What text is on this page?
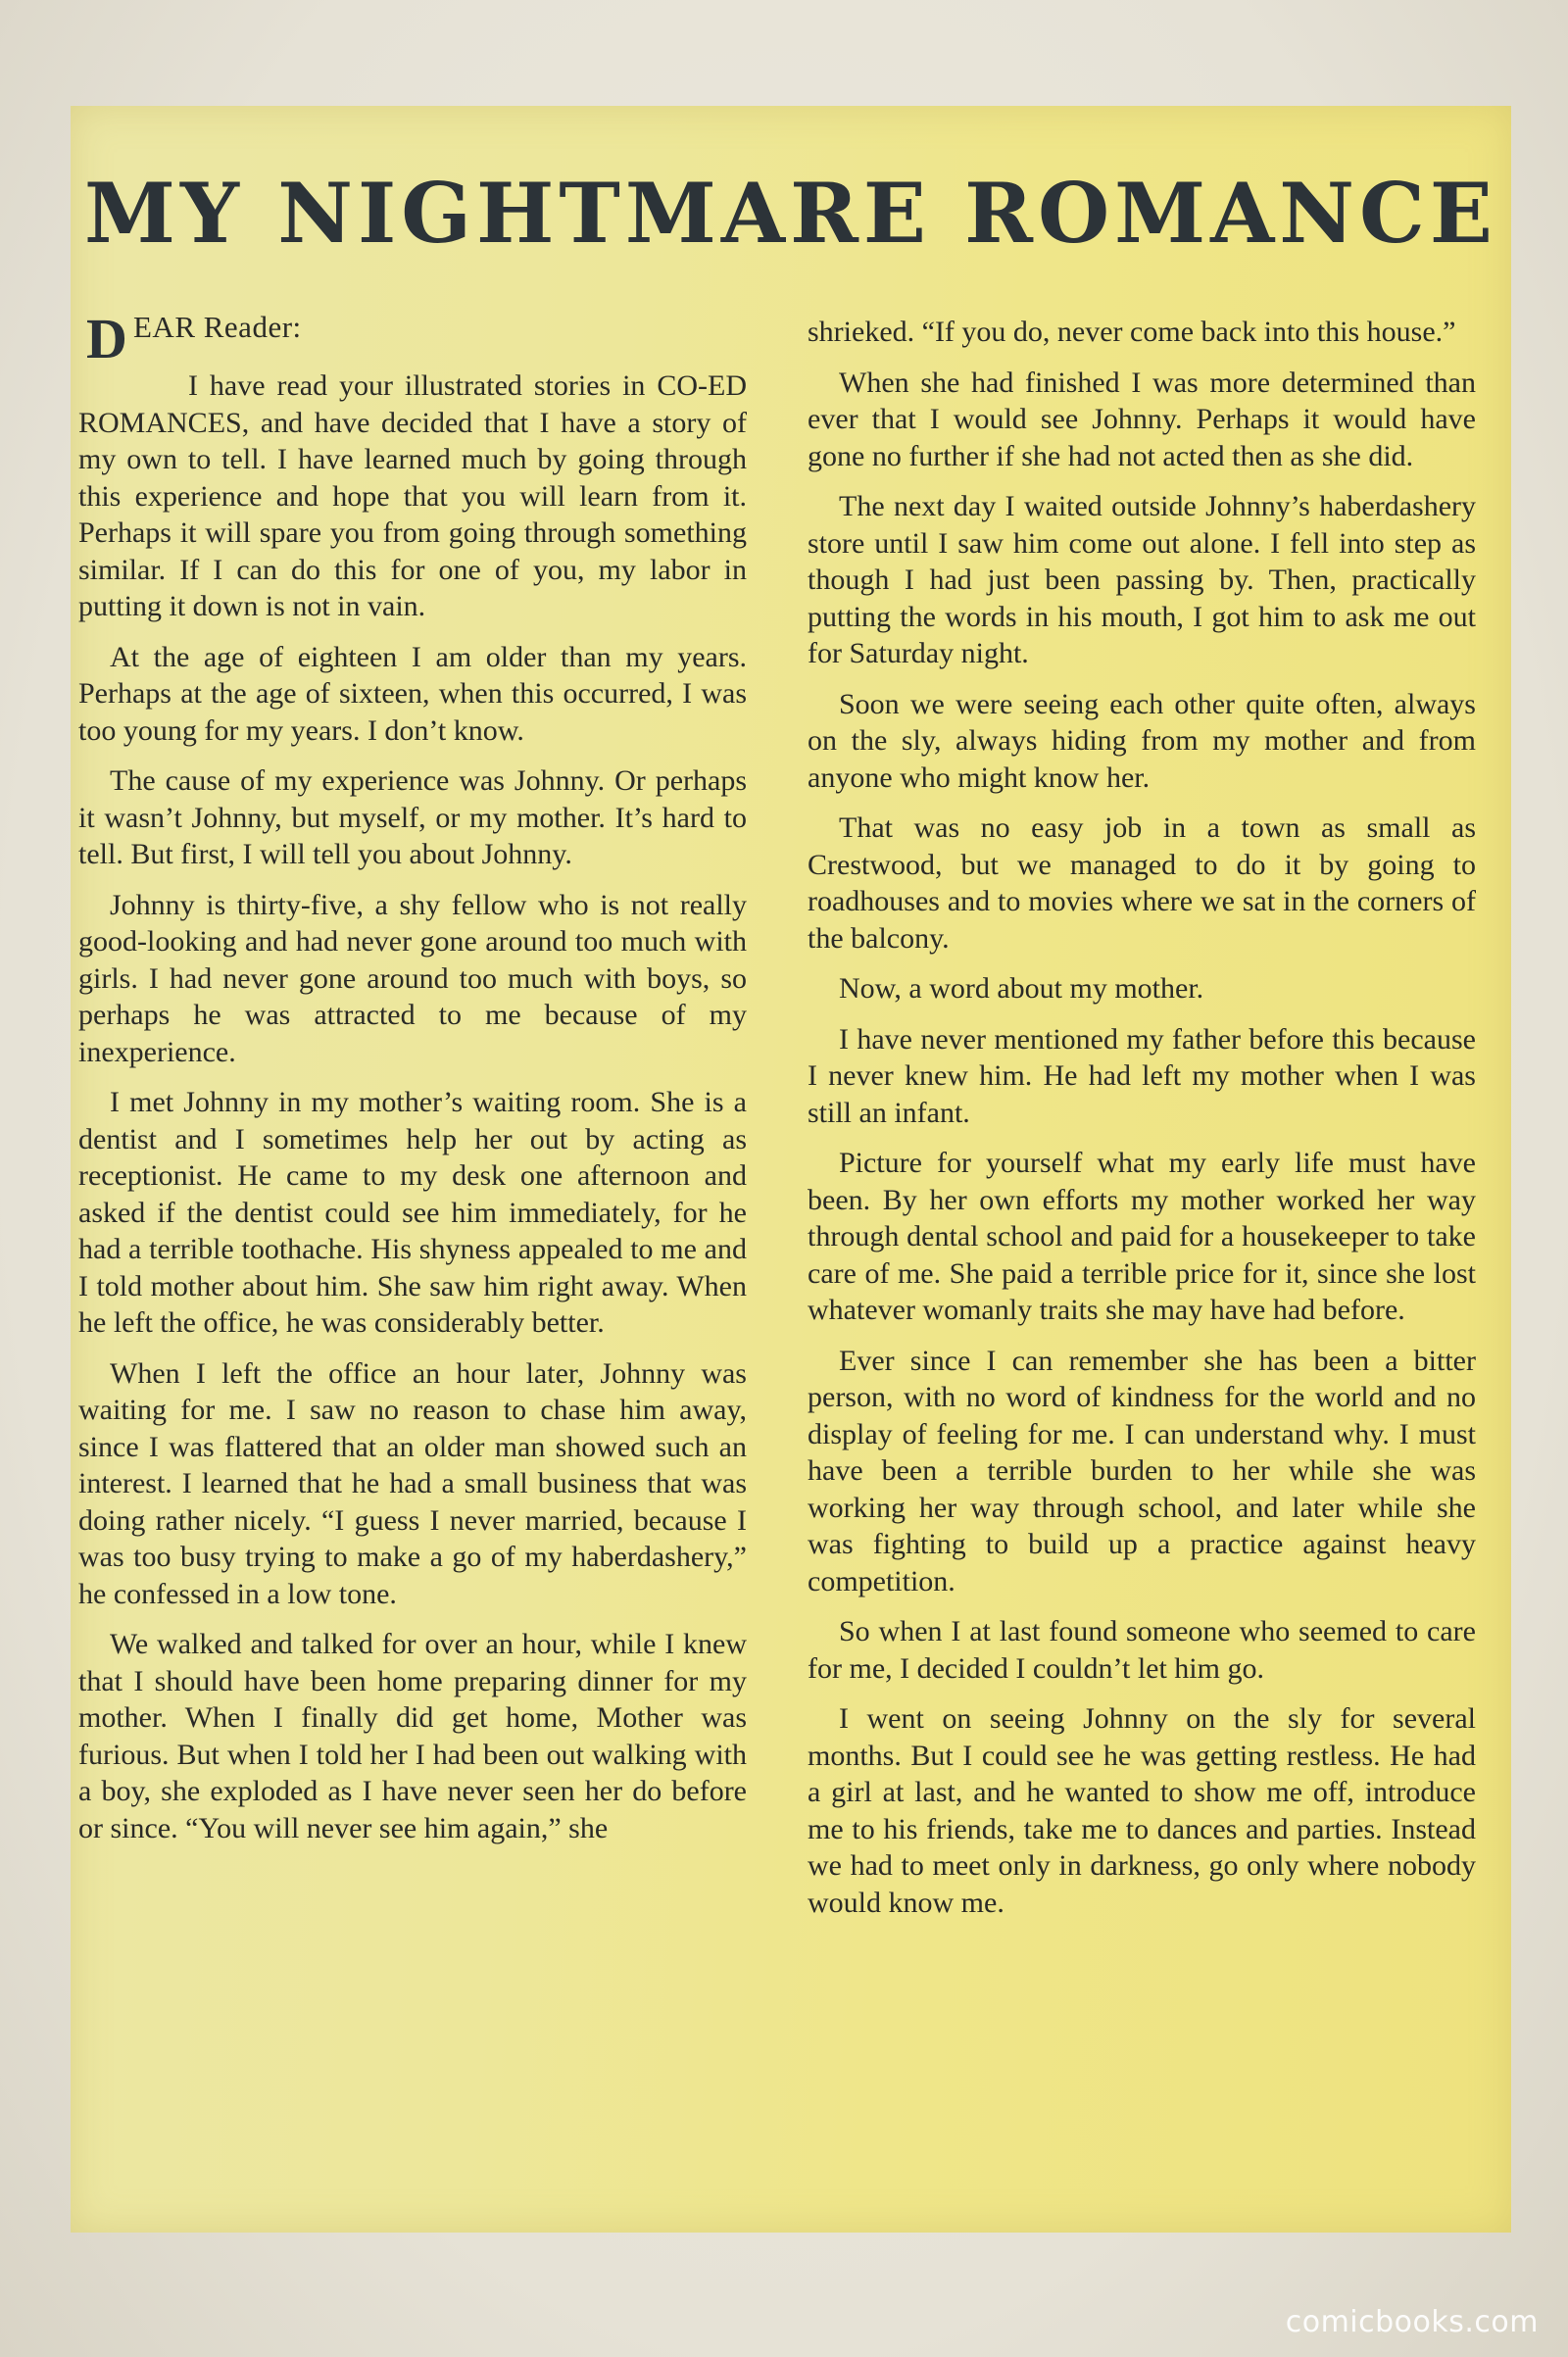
MY NIGHTMARE ROMANCE
D EAR Reader:

I have read your illustrated stories in CO-ED ROMANCES, and have decided that I have a story of my own to tell. I have learned much by going through this experience and hope that you will learn from it. Perhaps it will spare you from going through something similar. If I can do this for one of you, my labor in putting it down is not in vain.

At the age of eighteen I am older than my years. Perhaps at the age of sixteen, when this occurred, I was too young for my years. I don’t know.

The cause of my experience was Johnny. Or perhaps it wasn’t Johnny, but myself, or my mother. It’s hard to tell. But first, I will tell you about Johnny.

Johnny is thirty-five, a shy fellow who is not really good-looking and had never gone around too much with girls. I had never gone around too much with boys, so perhaps he was attracted to me because of my inexperience.

I met Johnny in my mother’s waiting room. She is a dentist and I sometimes help her out by acting as receptionist. He came to my desk one afternoon and asked if the dentist could see him immediately, for he had a terrible toothache. His shyness appealed to me and I told mother about him. She saw him right away. When he left the office, he was considerably better.

When I left the office an hour later, Johnny was waiting for me. I saw no reason to chase him away, since I was flattered that an older man showed such an interest. I learned that he had a small business that was doing rather nicely. “I guess I never married, because I was too busy trying to make a go of my haberdashery,” he confessed in a low tone.

We walked and talked for over an hour, while I knew that I should have been home preparing dinner for my mother. When I finally did get home, Mother was furious. But when I told her I had been out walking with a boy, she exploded as I have never seen her do before or since. “You will never see him again,” she

shrieked. “If you do, never come back into this house.”

When she had finished I was more determined than ever that I would see Johnny. Perhaps it would have gone no further if she had not acted then as she did.

The next day I waited outside Johnny’s haberdashery store until I saw him come out alone. I fell into step as though I had just been passing by. Then, practically putting the words in his mouth, I got him to ask me out for Saturday night.

Soon we were seeing each other quite often, always on the sly, always hiding from my mother and from anyone who might know her.

That was no easy job in a town as small as Crestwood, but we managed to do it by going to roadhouses and to movies where we sat in the corners of the balcony.

Now, a word about my mother.

I have never mentioned my father before this because I never knew him. He had left my mother when I was still an infant.

Picture for yourself what my early life must have been. By her own efforts my mother worked her way through dental school and paid for a housekeeper to take care of me. She paid a terrible price for it, since she lost whatever womanly traits she may have had before.

Ever since I can remember she has been a bitter person, with no word of kindness for the world and no display of feeling for me. I can understand why. I must have been a terrible burden to her while she was working her way through school, and later while she was fighting to build up a practice against heavy competition.

So when I at last found someone who seemed to care for me, I decided I couldn’t let him go.

I went on seeing Johnny on the sly for several months. But I could see he was getting restless. He had a girl at last, and he wanted to show me off, introduce me to his friends, take me to dances and parties. Instead we had to meet only in darkness, go only where nobody would know me.

comicbooks.com
